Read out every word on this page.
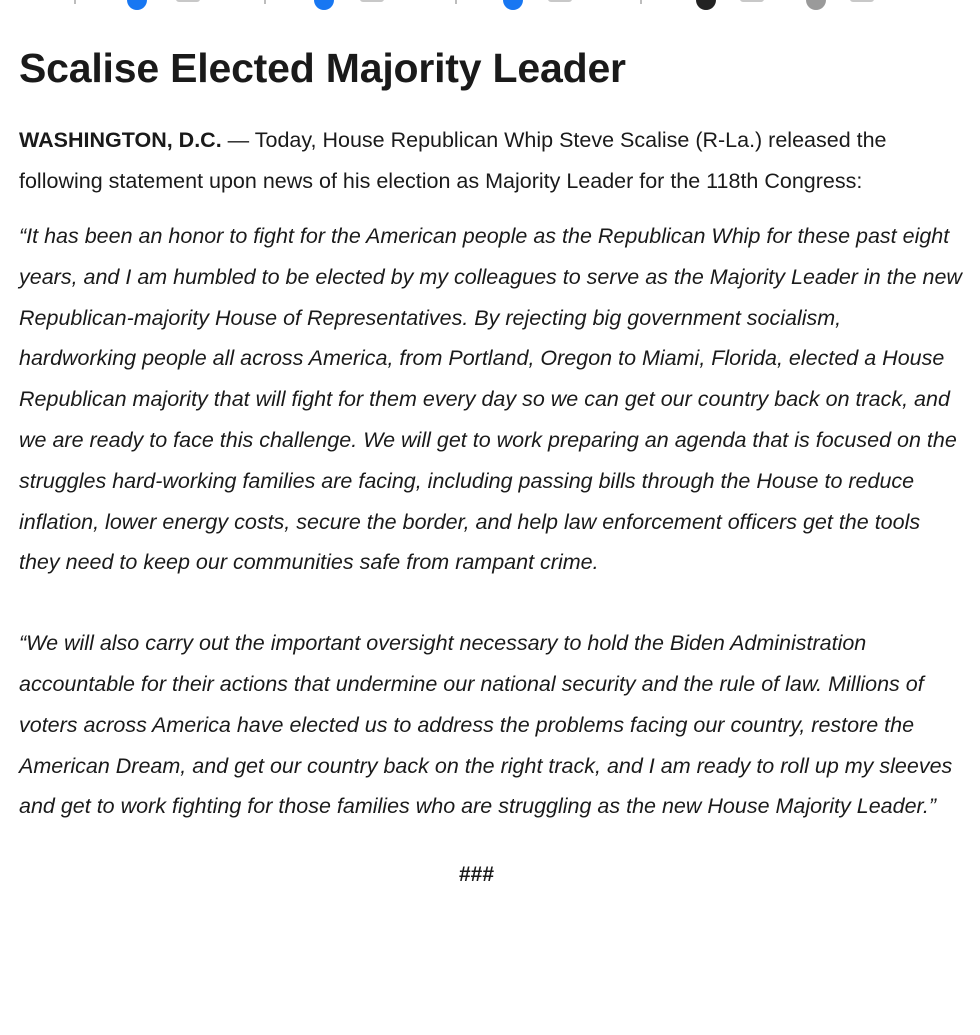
Scalise Elected Majority Leader

WASHINGTON, D.C. — Today, House Republican Whip Steve Scalise (R-La.) released the following statement upon news of his election as Majority Leader for the 118th Congress:

“It has been an honor to fight for the American people as the Republican Whip for these past eight years, and I am humbled to be elected by my colleagues to serve as the Majority Leader in the new Republican-majority House of Representatives. By rejecting big government socialism, hardworking people all across America, from Portland, Oregon to Miami, Florida, elected a House Republican majority that will fight for them every day so we can get our country back on track, and we are ready to face this challenge. We will get to work preparing an agenda that is focused on the struggles hard-working families are facing, including passing bills through the House to reduce inflation, lower energy costs, secure the border, and help law enforcement officers get the tools they need to keep our communities safe from rampant crime.

“We will also carry out the important oversight necessary to hold the Biden Administration accountable for their actions that undermine our national security and the rule of law. Millions of voters across America have elected us to address the problems facing our country, restore the American Dream, and get our country back on the right track, and I am ready to roll up my sleeves and get to work fighting for those families who are struggling as the new House Majority Leader.”

###
